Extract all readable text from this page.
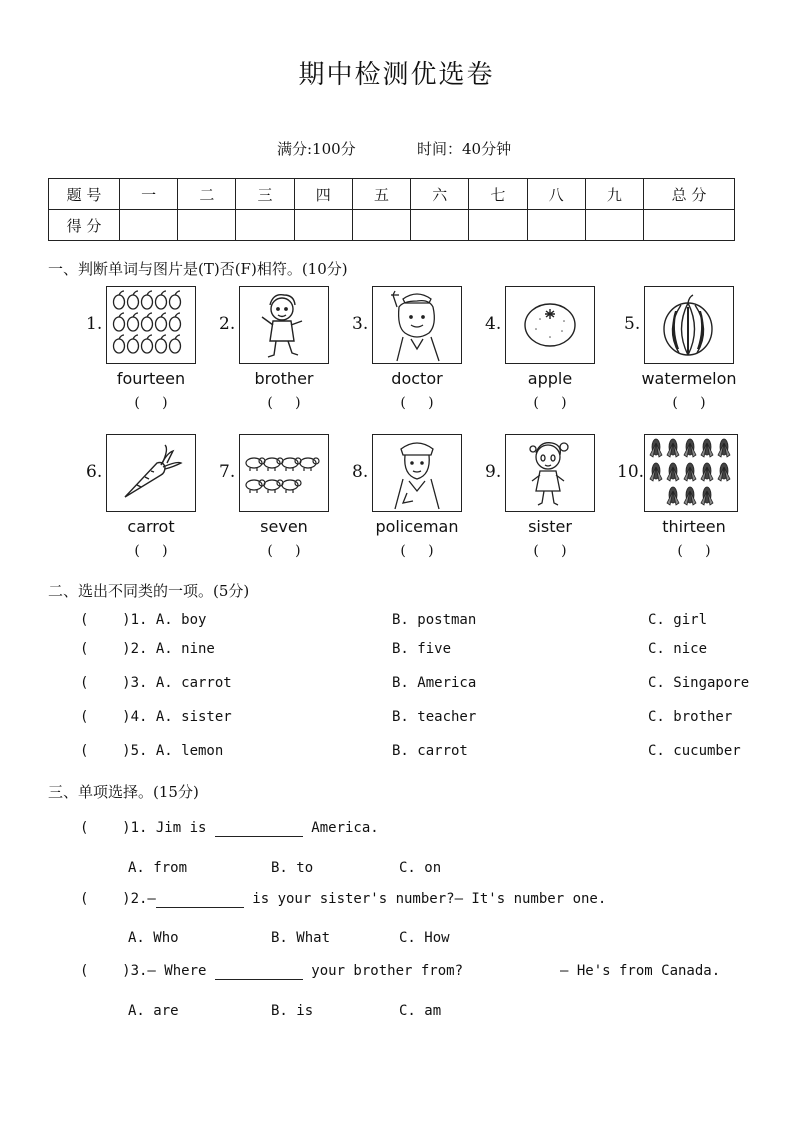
期中检测优选卷
满分:100分	时间：40分钟
题 号	一	二	三	四	五	六	七	八	九	总 分
得 分										
一、判断单词与图片是(T)否(F)相符。(10分)
1.
fourteen
(     )
2.
brother
(     )
3.
doctor
(     )
4.
apple
(     )
5.
watermelon
(     )
6.
carrot
(     )
7.
seven
(     )
8.
policeman
(     )
9.
sister
(     )
10.
thirteen
(     )
二、选出不同类的一项。(5分)
(    )1. A. boy	B. postman	C. girl
(    )2. A. nine	B. five	C. nice
(    )3. A. carrot	B. America	C. Singapore
(    )4. A. sister	B. teacher	C. brother
(    )5. A. lemon	B. carrot	C. cucumber
三、单项选择。(15分)
(    )1. Jim is	America.
A. from	B. to	C. on
(    )2.—	is your sister's number?— It's number one.
A. Who	B. What	C. How
(    )3.— Where	your brother from?	— He's from Canada.
A. are	B. is	C. am
